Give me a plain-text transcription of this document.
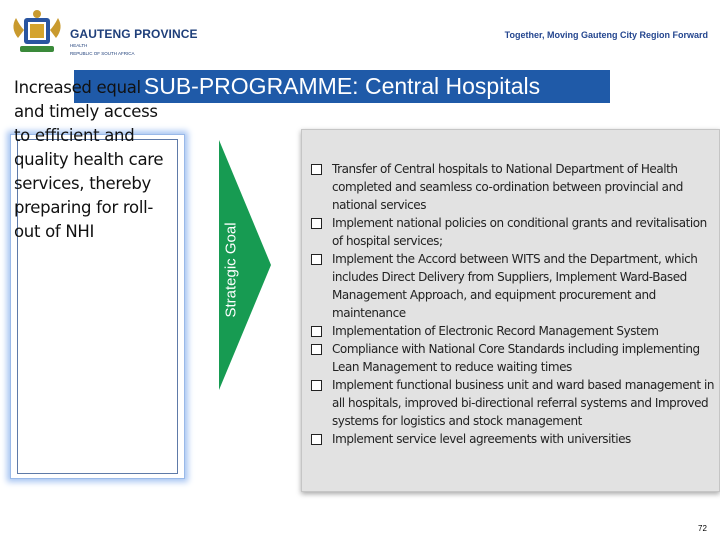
GAUTENG PROVINCE
HEALTH
REPUBLIC OF SOUTH AFRICA
Together, Moving Gauteng City Region Forward
SUB-PROGRAMME: Central Hospitals
Increased equal and timely access to efficient and quality health care services, thereby preparing for roll-out of NHI	Strategic Goal
Transfer of Central hospitals to National Department of Health completed and seamless co-ordination between provincial and national services
Implement national policies on conditional grants and revitalisation of hospital services;
Implement the Accord between WITS and the Department, which includes Direct Delivery from Suppliers, Implement Ward-Based Management Approach, and equipment procurement and maintenance
Implementation of Electronic Record Management System
Compliance with National Core Standards including implementing Lean Management to reduce waiting times
Implement functional business unit and ward based management in all hospitals, improved bi-directional referral systems and Improved systems for logistics and stock management
Implement service level agreements with universities
72
